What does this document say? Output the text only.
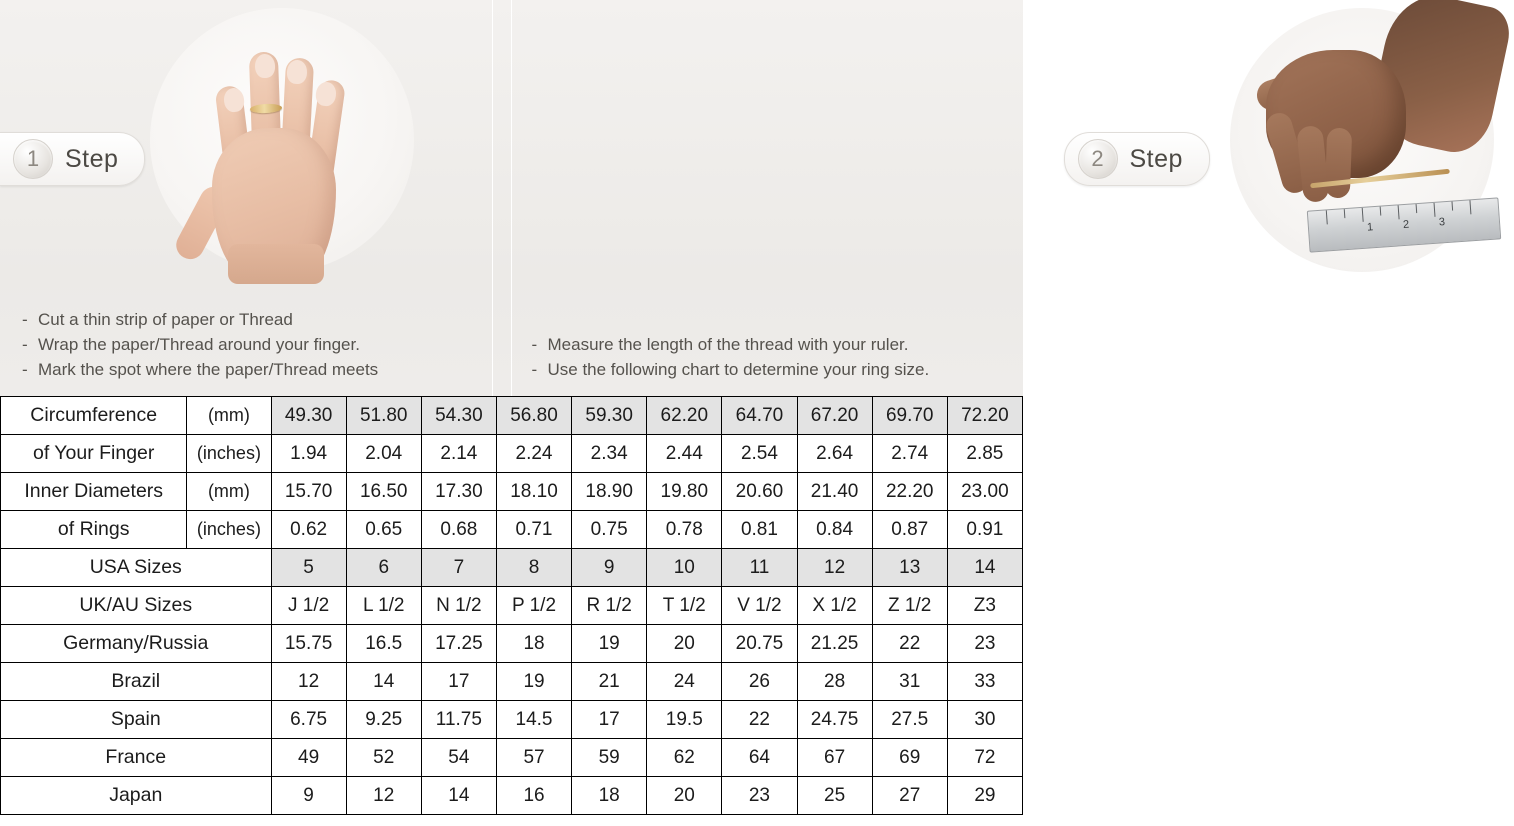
1	Step
- Cut a thin strip of paper or Thread
- Wrap the paper/Thread around your finger.
- Mark the spot where the paper/Thread meets
1	2	3
2	Step
- Measure the length of the thread with your ruler.
- Use the following chart to determine your ring size.
Circumference	(mm)	49.30	51.80	54.30	56.80	59.30	62.20	64.70	67.20	69.70	72.20
of Your Finger	(inches)	1.94	2.04	2.14	2.24	2.34	2.44	2.54	2.64	2.74	2.85
Inner Diameters	(mm)	15.70	16.50	17.30	18.10	18.90	19.80	20.60	21.40	22.20	23.00
of Rings	(inches)	0.62	0.65	0.68	0.71	0.75	0.78	0.81	0.84	0.87	0.91
USA Sizes		5	6	7	8	9	10	11	12	13	14
UK/AU Sizes		J 1/2	L 1/2	N 1/2	P 1/2	R 1/2	T 1/2	V 1/2	X 1/2	Z 1/2	Z3
Germany/Russia		15.75	16.5	17.25	18	19	20	20.75	21.25	22	23
Brazil		12	14	17	19	21	24	26	28	31	33
Spain		6.75	9.25	11.75	14.5	17	19.5	22	24.75	27.5	30
France		49	52	54	57	59	62	64	67	69	72
Japan		9	12	14	16	18	20	23	25	27	29
